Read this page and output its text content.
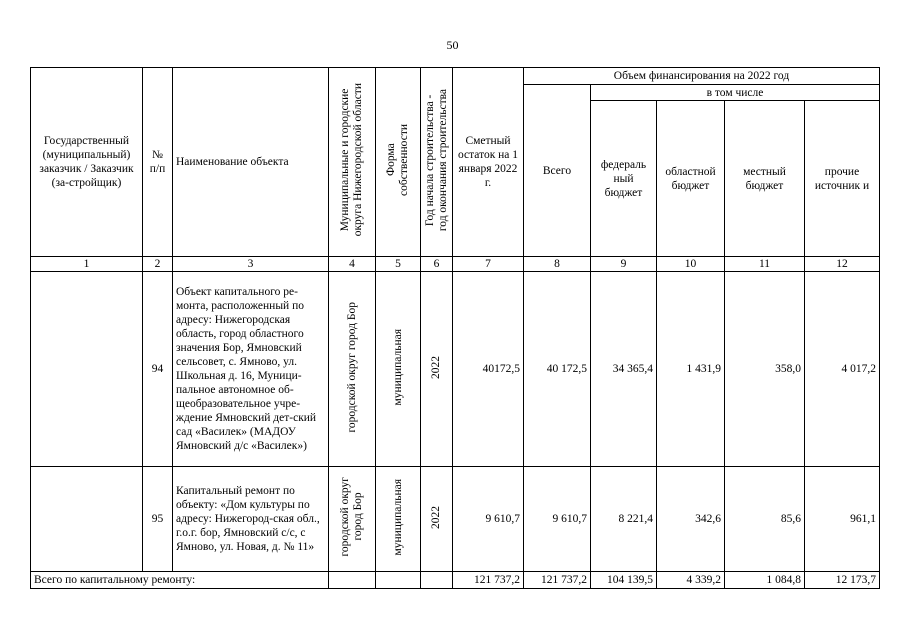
50
Государственный (муниципальный) заказчик / Заказчик (за-стройщик)	№ п/п	Наименование объекта	Муниципальные и городские
округа Нижегородской области	Форма
собственности	Год начала строительства -
год окончания строительства	Сметный остаток на 1 января 2022 г.	Объем финансирования на 2022 год				
							Всего	в том числе			
								федераль ный бюджет	областной бюджет	местный бюджет	прочие источник и
1	2	3	4	5	6	7	8	9	10	11	12
	94	Объект капитального ре-монта, расположенный по адресу: Нижегородская область, город областного значения Бор, Ямновский сельсовет, с. Ямново, ул. Школьная д. 16, Муници-пальное автономное об-щеобразовательное учре-ждение Ямновский дет-ский сад «Василек» (МАДОУ Ямновский д/с «Василек»)	городской округ город Бор	муниципальная	2022	40172,5	40 172,5	34 365,4	1 431,9	358,0	4 017,2
	95	Капитальный ремонт по объекту: «Дом культуры по адресу: Нижегород-ская обл., г.о.г. бор, Ямновский с/с, с Ямново, ул. Новая, д. № 11»	городской округ
город Бор	муниципальная	2022	9 610,7	9 610,7	8 221,4	342,6	85,6	961,1
Всего по капитальному ремонту:						121 737,2	121 737,2	104 139,5	4 339,2	1 084,8	12 173,7
